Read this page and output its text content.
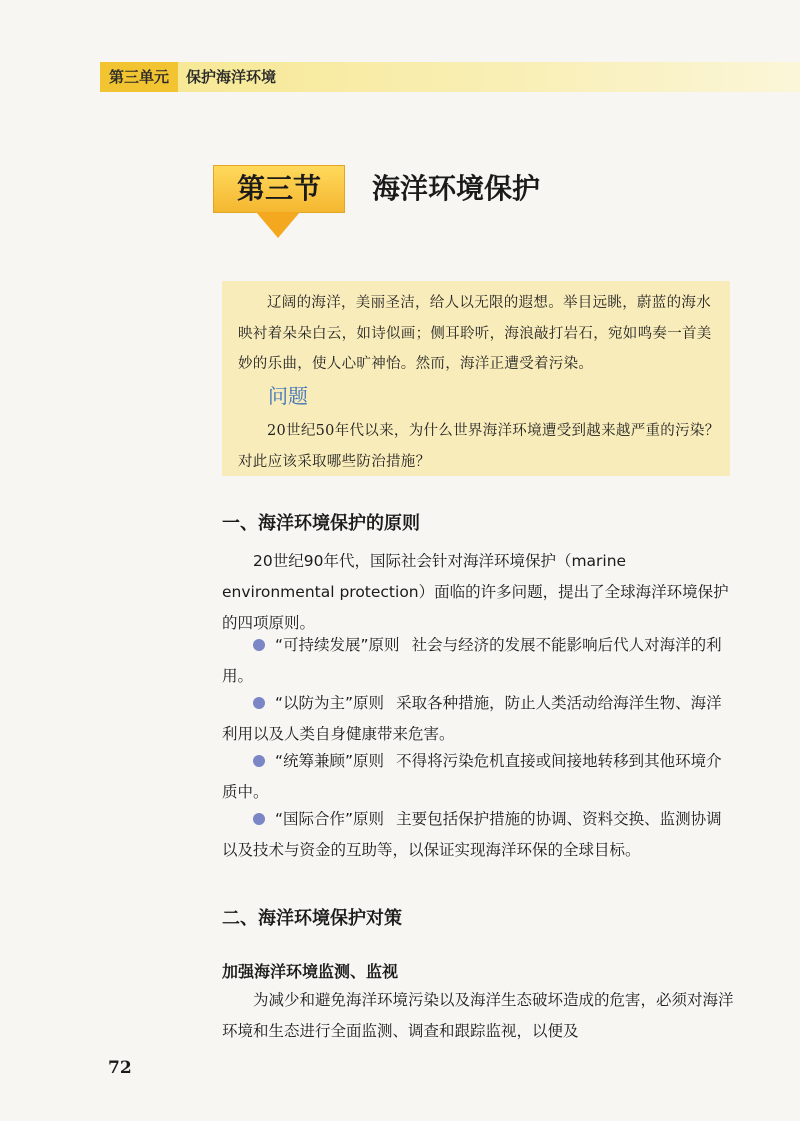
第三单元	保护海洋环境
第三节	海洋环境保护
辽阔的海洋，美丽圣洁，给人以无限的遐想。举目远眺，蔚蓝的海水映衬着朵朵白云，如诗似画；侧耳聆听，海浪敲打岩石，宛如鸣奏一首美妙的乐曲，使人心旷神怡。然而，海洋正遭受着污染。
问题
20世纪50年代以来，为什么世界海洋环境遭受到越来越严重的污染？对此应该采取哪些防治措施？
一、海洋环境保护的原则
20世纪90年代，国际社会针对海洋环境保护（marine environmental protection）面临的许多问题，提出了全球海洋环境保护的四项原则。
“可持续发展”原则 社会与经济的发展不能影响后代人对海洋的利用。
“以防为主”原则 采取各种措施，防止人类活动给海洋生物、海洋利用以及人类自身健康带来危害。
“统筹兼顾”原则 不得将污染危机直接或间接地转移到其他环境介质中。
“国际合作”原则 主要包括保护措施的协调、资料交换、监测协调以及技术与资金的互助等，以保证实现海洋环保的全球目标。
二、海洋环境保护对策
加强海洋环境监测、监视
为减少和避免海洋环境污染以及海洋生态破坏造成的危害，必须对海洋环境和生态进行全面监测、调查和跟踪监视，以便及
72
